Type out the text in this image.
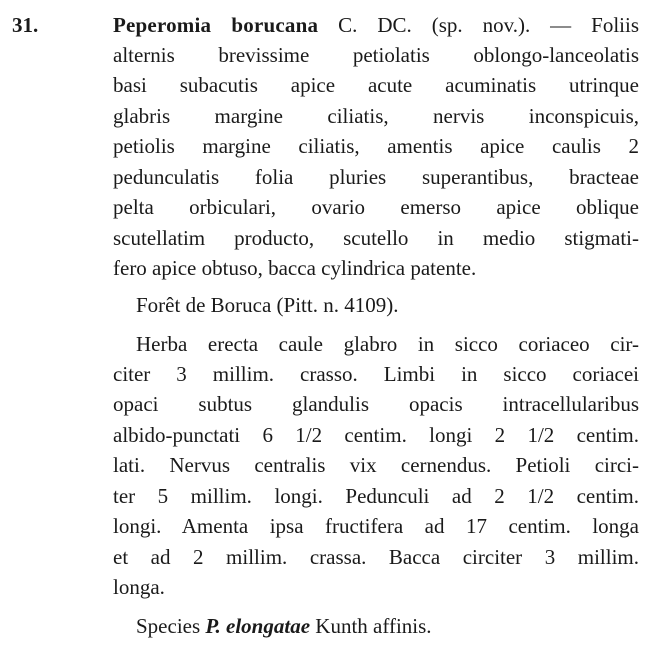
31.	Peperomia borucana C. DC. (sp. nov.). — Foliis
alternis brevissime petiolatis oblongo-lanceolatis
basi subacutis apice acute acuminatis utrinque
glabris margine ciliatis, nervis inconspicuis,
petiolis margine ciliatis, amentis apice caulis 2
pedunculatis folia pluries superantibus, bracteae
pelta orbiculari, ovario emerso apice oblique
scutellatim producto, scutello in medio stigmati-
fero apice obtuso, bacca cylindrica patente.
Forêt de Boruca (Pitt. n. 4109).
Herba erecta caule glabro in sicco coriaceo cir-
citer 3 millim. crasso. Limbi in sicco coriacei
opaci subtus glandulis opacis intracellularibus
albido-punctati 6 1/2 centim. longi 2 1/2 centim.
lati. Nervus centralis vix cernendus. Petioli circi-
ter 5 millim. longi. Pedunculi ad 2 1/2 centim.
longi. Amenta ipsa fructifera ad 17 centim. longa
et ad 2 millim. crassa. Bacca circiter 3 millim.
longa.
Species P. elongatae Kunth affinis.
